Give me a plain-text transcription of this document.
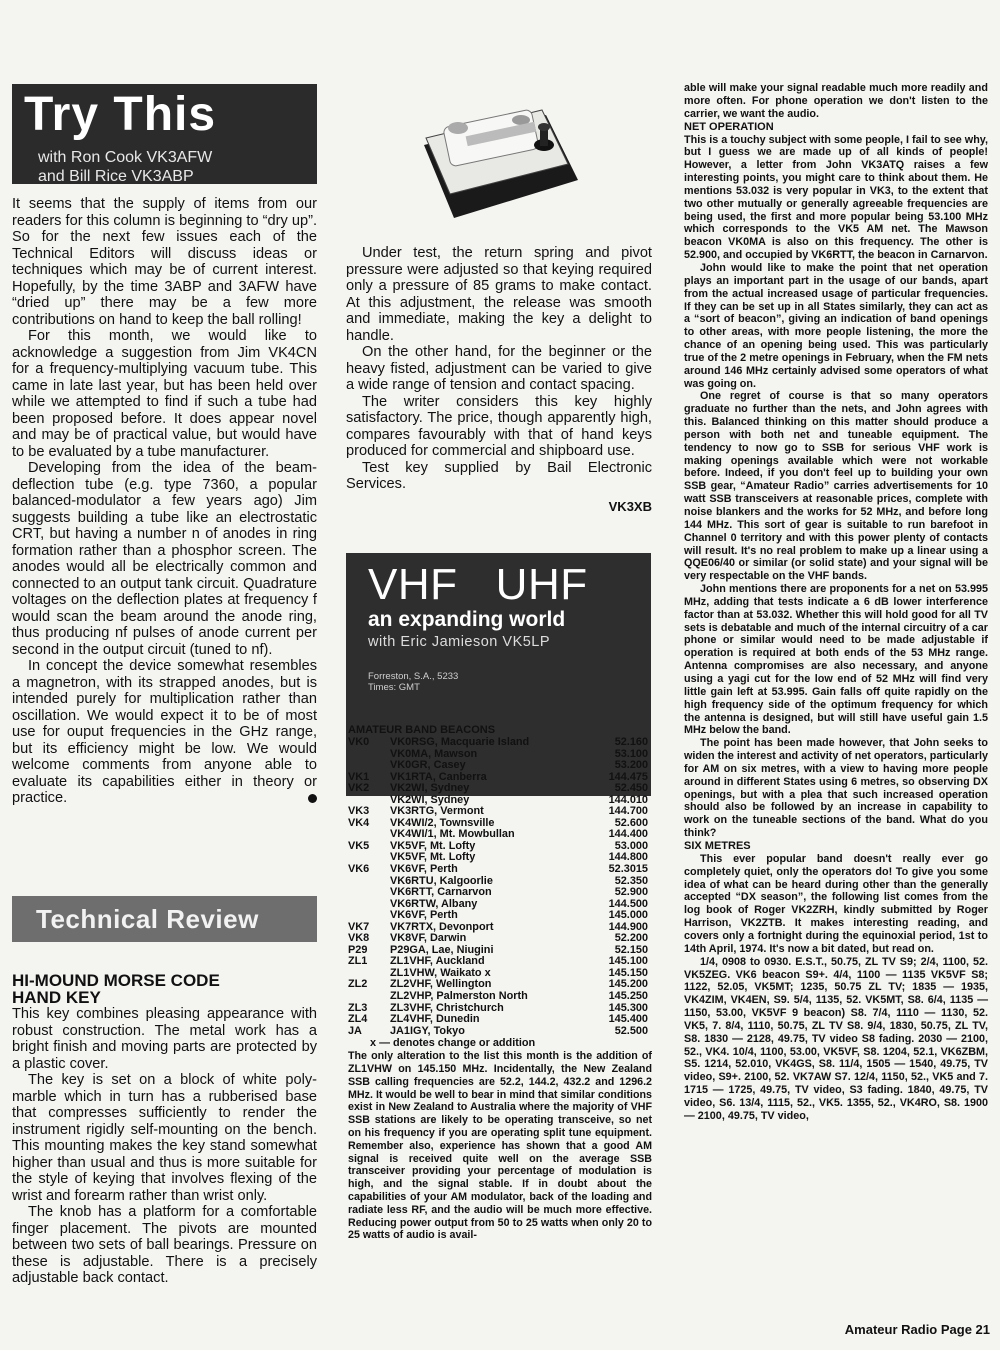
Try This
with Ron Cook VK3AFW
and Bill Rice VK3ABP

It seems that the supply of items from our readers for this column is beginning to “dry up”. So for the next few issues each of the Technical Editors will discuss ideas or techniques which may be of current interest. Hopefully, by the time 3ABP and 3AFW have “dried up” there may be a few more contributions on hand to keep the ball rolling!

For this month, we would like to acknowledge a suggestion from Jim VK4CN for a frequency-multiplying vacuum tube. This came in late last year, but has been held over while we attempted to find if such a tube had been proposed before. It does appear novel and may be of practical value, but would have to be evaluated by a tube manufacturer.

Developing from the idea of the beam-deflection tube (e.g. type 7360, a popular balanced-modulator a few years ago) Jim suggests building a tube like an electrostatic CRT, but having a number n of anodes in ring formation rather than a phosphor screen. The anodes would all be electrically common and connected to an output tank circuit. Quadrature voltages on the deflection plates at frequency f would scan the beam around the anode ring, thus producing nf pulses of anode current per second in the output circuit (tuned to nf).

In concept the device somewhat resembles a magnetron, with its strapped anodes, but is intended purely for multiplication rather than oscillation. We would expect it to be of most use for ouput frequencies in the GHz range, but its efficiency might be low. We would welcome comments from anyone able to evaluate its capabilities either in theory or practice.

Technical Review

HI-MOUND MORSE CODE

HAND KEY

This key combines pleasing appearance with robust construction. The metal work has a bright finish and moving parts are protected by a plastic cover.

The key is set on a block of white poly-marble which in turn has a rubberised base that compresses sufficiently to render the instrument rigidly self-mounting on the bench. This mounting makes the key stand somewhat higher than usual and thus is more suitable for the style of keying that involves flexing of the wrist and forearm rather than wrist only.

The knob has a platform for a comfortable finger placement. The pivots are mounted between two sets of ball bearings. Pressure on these is adjustable. There is a precisely adjustable back contact.

Under test, the return spring and pivot pressure were adjusted so that keying required only a pressure of 85 grams to make contact. At this adjustment, the release was smooth and immediate, making the key a delight to handle.

On the other hand, for the beginner or the heavy fisted, adjustment can be varied to give a wide range of tension and contact spacing.

The writer considers this key highly satisfactory. The price, though apparently high, compares favourably with that of hand keys produced for commercial and shipboard use.

Test key supplied by Bail Electronic Services.

VK3XB
VHF   UHF
an expanding world
with Eric Jamieson VK5LP
Forreston, S.A., 5233
Times: GMT

AMATEUR BAND BEACONS

VK0	VK0RSG, Macquarie Island	52.160
	VK0MA, Mawson	53.100
	VK0GR, Casey	53.200
VK1	VK1RTA, Canberra	144.475
VK2	VK2WI, Sydney	52.450
	VK2WI, Sydney	144.010
VK3	VK3RTG, Vermont	144.700
VK4	VK4WI/2, Townsville	52.600
	VK4WI/1, Mt. Mowbullan	144.400
VK5	VK5VF, Mt. Lofty	53.000
	VK5VF, Mt. Lofty	144.800
VK6	VK6VF, Perth	52.3015
	VK6RTU, Kalgoorlie	52.350
	VK6RTT, Carnarvon	52.900
	VK6RTW, Albany	144.500
	VK6VF, Perth	145.000
VK7	VK7RTX, Devonport	144.900
VK8	VK8VF, Darwin	52.200
P29	P29GA, Lae, Niugini	52.150
ZL1	ZL1VHF, Auckland	145.100
	ZL1VHW, Waikato x	145.150
ZL2	ZL2VHF, Wellington	145.200
	ZL2VHP, Palmerston North	145.250
ZL3	ZL3VHF, Christchurch	145.300
ZL4	ZL4VHF, Dunedin	145.400
JA	JA1IGY, Tokyo	52.500
x — denotes change or addition

The only alteration to the list this month is the addition of ZL1VHW on 145.150 MHz. Incidentally, the New Zealand SSB calling frequencies are 52.2, 144.2, 432.2 and 1296.2 MHz. It would be well to bear in mind that similar conditions exist in New Zealand to Australia where the majority of VHF SSB stations are likely to be operating transceive, so net on his frequency if you are operating split tune equipment. Remember also, experience has shown that a good AM signal is received quite well on the average SSB transceiver providing your percentage of modulation is high, and the signal stable. If in doubt about the capabilities of your AM modulator, back of the loading and radiate less RF, and the audio will be much more effective. Reducing power output from 50 to 25 watts when only 20 to 25 watts of audio is avail-

able will make your signal readable much more readily and more often. For phone operation we don't listen to the carrier, we want the audio.

NET OPERATION

This is a touchy subject with some people, I fail to see why, but I guess we are made up of all kinds of people! However, a letter from John VK3ATQ raises a few interesting points, you might care to think about them. He mentions 53.032 is very popular in VK3, to the extent that two other mutually or generally agreeable frequencies are being used, the first and more popular being 53.100 MHz which corresponds to the VK5 AM net. The Mawson beacon VK0MA is also on this frequency. The other is 52.900, and occupied by VK6RTT, the beacon in Carnarvon.

John would like to make the point that net operation plays an important part in the usage of our bands, apart from the actual increased usage of particular frequencies. If they can be set up in all States similarly, they can act as a “sort of beacon”, giving an indication of band openings to other areas, with more people listening, the more the chance of an opening being used. This was particularly true of the 2 metre openings in February, when the FM nets around 146 MHz certainly advised some operators of what was going on.

One regret of course is that so many operators graduate no further than the nets, and John agrees with this. Balanced thinking on this matter should produce a person with both net and tuneable equipment. The tendency to now go to SSB for serious VHF work is making openings available which were not workable before. Indeed, if you don't feel up to building your own SSB gear, “Amateur Radio” carries advertisements for 10 watt SSB transceivers at reasonable prices, complete with noise blankers and the works for 52 MHz, and before long 144 MHz. This sort of gear is suitable to run barefoot in Channel 0 territory and with this power plenty of contacts will result. It's no real problem to make up a linear using a QQE06/40 or similar (or solid state) and your signal will be very respectable on the VHF bands.

John mentions there are proponents for a net on 53.995 MHz, adding that tests indicate a 6 dB lower interference factor than at 53.032. Whether this will hold good for all TV sets is debatable and much of the internal circuitry of a car phone or similar would need to be made adjustable if operation is required at both ends of the 53 MHz range. Antenna compromises are also necessary, and anyone using a yagi cut for the low end of 52 MHz will find very little gain left at 53.995. Gain falls off quite rapidly on the high frequency side of the optimum frequency for which the antenna is designed, but will still have useful gain 1.5 MHz below the band.

The point has been made however, that John seeks to widen the interest and activity of net operators, particularly for AM on six metres, with a view to having more people around in different States using 6 metres, so observing DX openings, but with a plea that such increased operation should also be followed by an increase in capability to work on the tuneable sections of the band. What do you think?

SIX METRES

This ever popular band doesn't really ever go completely quiet, only the operators do! To give you some idea of what can be heard during other than the generally accepted “DX season”, the following list comes from the log book of Roger VK2ZRH, kindly submitted by Roger Harrison, VK2ZTB. It makes interesting reading, and covers only a fortnight during the equinoxial period, 1st to 14th April, 1974. It's now a bit dated, but read on.

1/4, 0908 to 0930. E.S.T., 50.75, ZL TV S9; 2/4, 1100, 52. VK5ZEG. VK6 beacon S9+. 4/4, 1100 — 1135 VK5VF S8; 1122, 52.05, VK5MT; 1235, 50.75 ZL TV; 1835 — 1935, VK4ZIM, VK4EN, S9. 5/4, 1135, 52. VK5MT, S8. 6/4, 1135 — 1150, 53.00, VK5VF 9 beacon) S8. 7/4, 1110 — 1130, 52. VK5, 7. 8/4, 1110, 50.75, ZL TV S8. 9/4, 1830, 50.75, ZL TV, S8. 1830 — 2128, 49.75, TV video S8 fading. 2030 — 2100, 52., VK4. 10/4, 1100, 53.00, VK5VF, S8. 1204, 52.1, VK6ZBM, S5. 1214, 52.010, VK4GS, S8. 11/4, 1505 — 1540, 49.75, TV video, S9+. 2100, 52. VK7AW S7. 12/4, 1150, 52., VK5 and 7. 1715 — 1725, 49.75, TV video, S3 fading. 1840, 49.75, TV video, S6. 13/4, 1115, 52., VK5. 1355, 52., VK4RO, S8. 1900 — 2100, 49.75, TV video,

Amateur Radio Page 21
